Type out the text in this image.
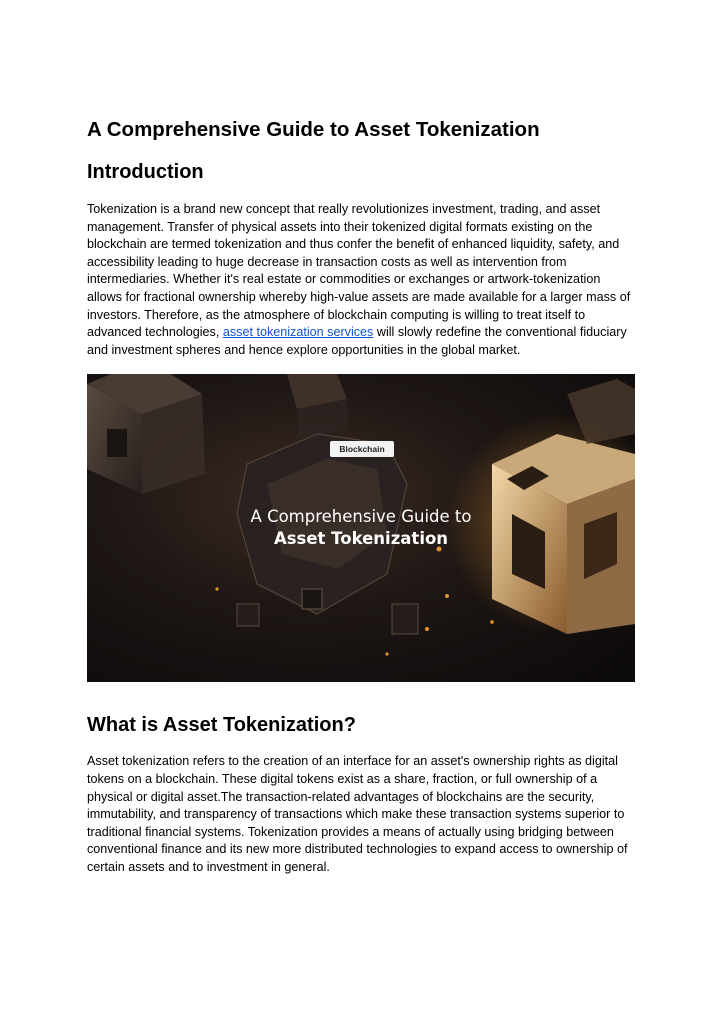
A Comprehensive Guide to Asset Tokenization
Introduction

Tokenization is a brand new concept that really revolutionizes investment, trading, and asset management. Transfer of physical assets into their tokenized digital formats existing on the blockchain are termed tokenization and thus confer the benefit of enhanced liquidity, safety, and accessibility leading to huge decrease in transaction costs as well as intervention from intermediaries. Whether it's real estate or commodities or exchanges or artwork-tokenization allows for fractional ownership whereby high-value assets are made available for a larger mass of investors. Therefore, as the atmosphere of blockchain computing is willing to treat itself to advanced technologies, asset tokenization services will slowly redefine the conventional fiduciary and investment spheres and hence explore opportunities in the global market.

Blockchain
A Comprehensive Guide to
Asset Tokenization
What is Asset Tokenization?

Asset tokenization refers to the creation of an interface for an asset's ownership rights as digital tokens on a blockchain. These digital tokens exist as a share, fraction, or full ownership of a physical or digital asset.The transaction-related advantages of blockchains are the security, immutability, and transparency of transactions which make these transaction systems superior to traditional financial systems. Tokenization provides a means of actually using bridging between conventional finance and its new more distributed technologies to expand access to ownership of certain assets and to investment in general.
